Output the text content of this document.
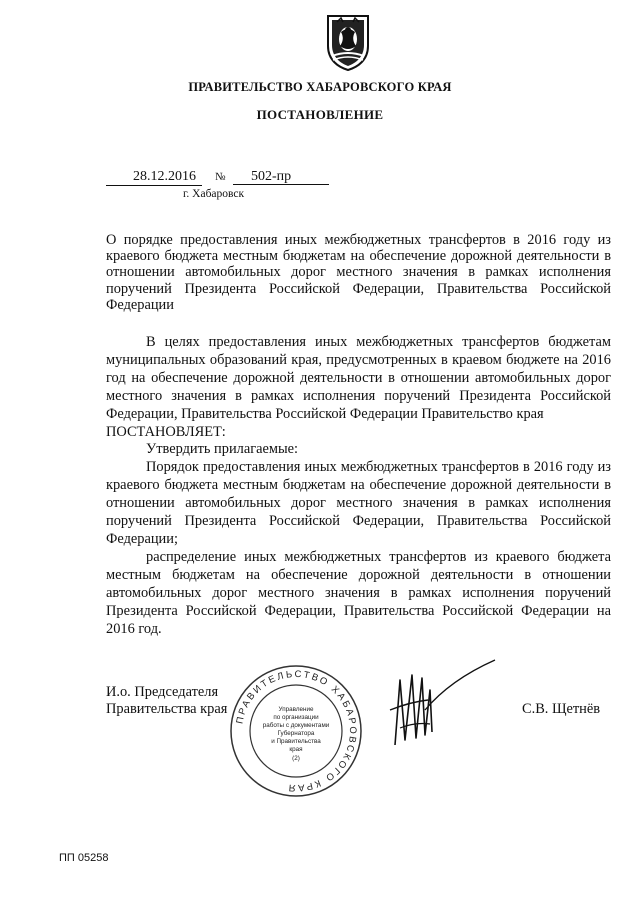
ПРАВИТЕЛЬСТВО ХАБАРОВСКОГО КРАЯ
ПОСТАНОВЛЕНИЕ
28.12.2016	№	502-пр
г. Хабаровск
О порядке предоставления иных межбюджетных трансфертов в 2016 году из краевого бюджета местным бюджетам на обеспечение дорожной деятельности в отношении автомобильных дорог местного значения в рамках исполнения поручений Президента Российской Федерации, Правительства Российской Федерации

В целях предоставления иных межбюджетных трансфертов бюджетам муниципальных образований края, предусмотренных в краевом бюджете на 2016 год на обеспечение дорожной деятельности в отношении автомобильных дорог местного значения в рамках исполнения поручений Президента Российской Федерации, Правительства Российской Федерации Правительство края

ПОСТАНОВЛЯЕТ:

Утвердить прилагаемые:

Порядок предоставления иных межбюджетных трансфертов в 2016 году из краевого бюджета местным бюджетам на обеспечение дорожной деятельности в отношении автомобильных дорог местного значения в рамках исполнения поручений Президента Российской Федерации, Правительства Российской Федерации;

распределение иных межбюджетных трансфертов из краевого бюджета местным бюджетам на обеспечение дорожной деятельности в отношении автомобильных дорог местного значения в рамках исполнения поручений Президента Российской Федерации, Правительства Российской Федерации на 2016 год.

ПРАВИТЕЛЬСТВО ХАБАРОВСКОГО КРАЯ
Управление
по организации
работы с документами
Губернатора
и Правительства
края
(2)
И.о. Председателя
Правительства края	С.В. Щетнёв
ПП 05258
